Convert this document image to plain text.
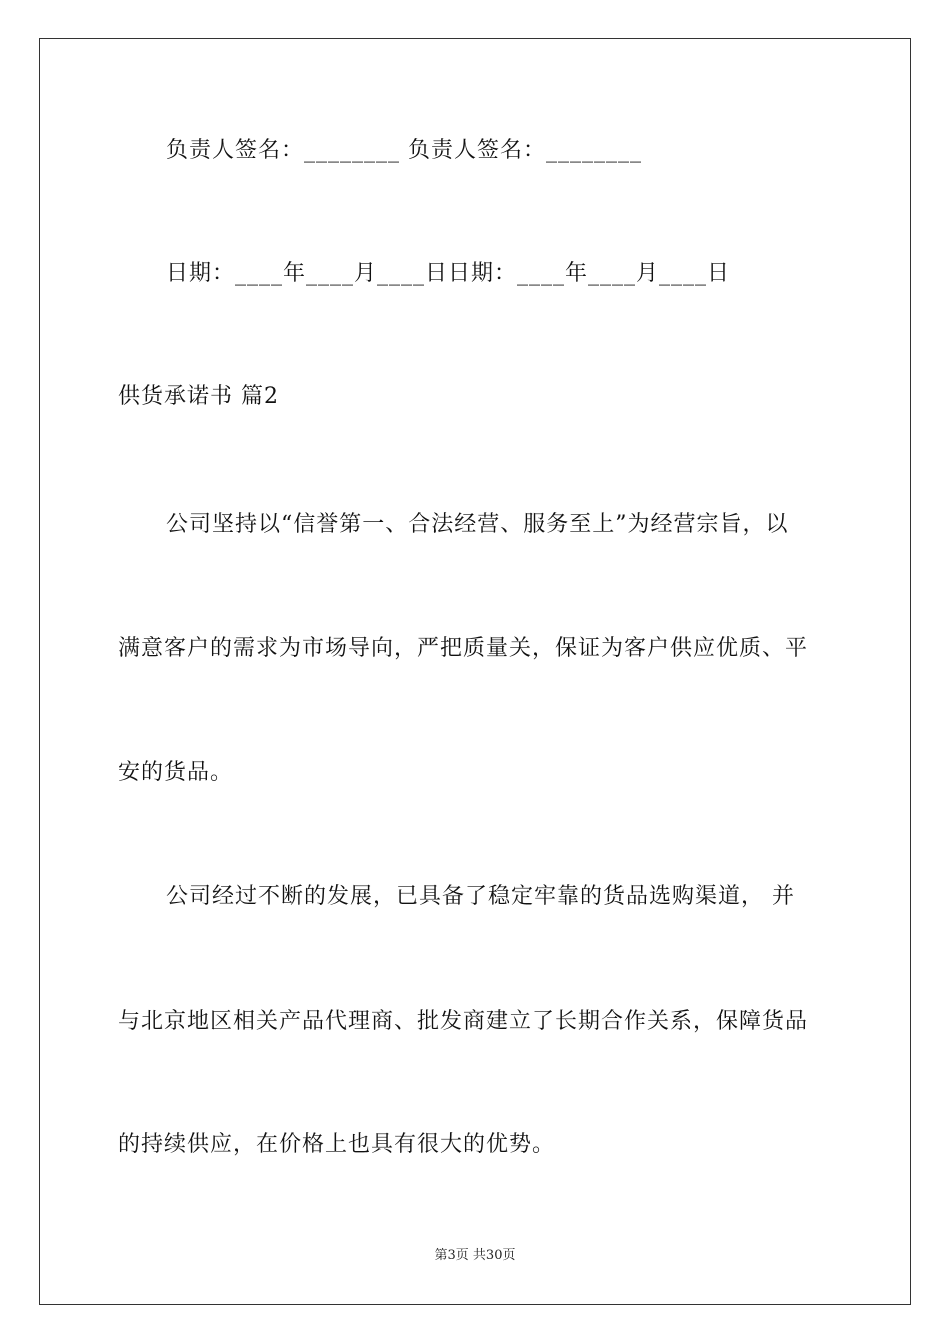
负责人签名：________ 负责人签名：________
日期：____年____月____日日期：____年____月____日
供货承诺书 篇2
公司坚持以“信誉第一、合法经营、服务至上”为经营宗旨，以
满意客户的需求为市场导向，严把质量关，保证为客户供应优质、平
安的货品。
公司经过不断的发展，已具备了稳定牢靠的货品选购渠道， 并
与北京地区相关产品代理商、批发商建立了长期合作关系，保障货品
的持续供应，在价格上也具有很大的优势。
第3页 共30页
